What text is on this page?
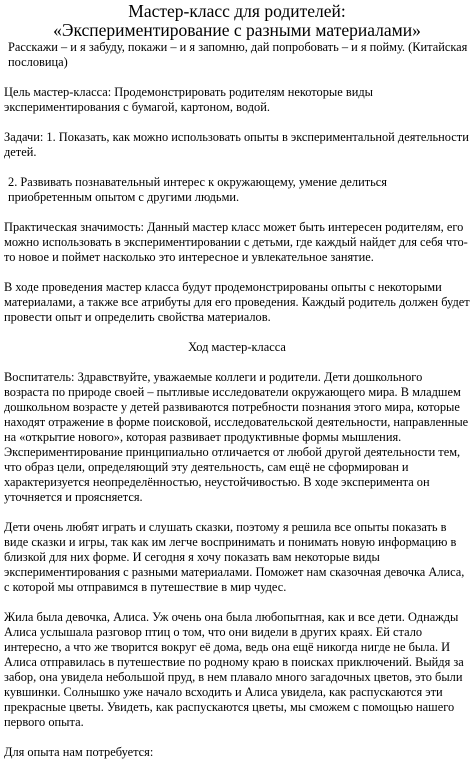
Мастер-класс для родителей:
«Экспериментирование с разными материалами»

Расскажи – и я забуду, покажи – и я запомню, дай попробовать – и я пойму. (Китайская пословица)

Цель мастер-класса: Продемонстрировать родителям некоторые виды экспериментирования с бумагой, картоном, водой.

Задачи: 1. Показать, как можно использовать опыты в экспериментальной деятельности детей.

2. Развивать познавательный интерес к окружающему, умение делиться приобретенным опытом с другими людьми.

Практическая значимость: Данный мастер класс может быть интересен родителям, его можно использовать в экспериментировании с детьми, где каждый найдет для себя что-то новое и поймет насколько это интересное и увлекательное занятие.

В ходе проведения мастер класса будут продемонстрированы опыты с некоторыми материалами, а также все атрибуты для его проведения. Каждый родитель должен будет провести опыт и определить свойства материалов.

Ход мастер-класса

Воспитатель: Здравствуйте, уважаемые коллеги и родители. Дети дошкольного возраста по природе своей – пытливые исследователи окружающего мира. В младшем дошкольном возрасте у детей развиваются потребности познания этого мира, которые находят отражение в форме поисковой, исследовательской деятельности, направленные на «открытие нового», которая развивает продуктивные формы мышления. Экспериментирование принципиально отличается от любой другой деятельности тем, что образ цели, определяющий эту деятельность, сам ещё не сформирован и характеризуется неопределённостью, неустойчивостью. В ходе эксперимента он уточняется и проясняется.

Дети очень любят играть и слушать сказки, поэтому я решила все опыты показать в виде сказки и игры, так как им легче воспринимать и понимать новую информацию в близкой для них форме. И сегодня я хочу показать вам некоторые виды экспериментирования с разными материалами. Поможет нам сказочная девочка Алиса, с которой мы отправимся в путешествие в мир чудес.

Жила была девочка, Алиса. Уж очень она была любопытная, как и все дети. Однажды Алиса услышала разговор птиц о том, что они видели в других краях. Ей стало интересно, а что же творится вокруг её дома, ведь она ещё никогда нигде не была. И Алиса отправилась в путешествие по родному краю в поисках приключений. Выйдя за забор, она увидела небольшой пруд, в нем плавало много загадочных цветов, это были кувшинки. Солнышко уже начало всходить и Алиса увидела, как распускаются эти прекрасные цветы. Увидеть, как распускаются цветы, мы сможем с помощью нашего первого опыта.

Для опыта нам потребуется:
